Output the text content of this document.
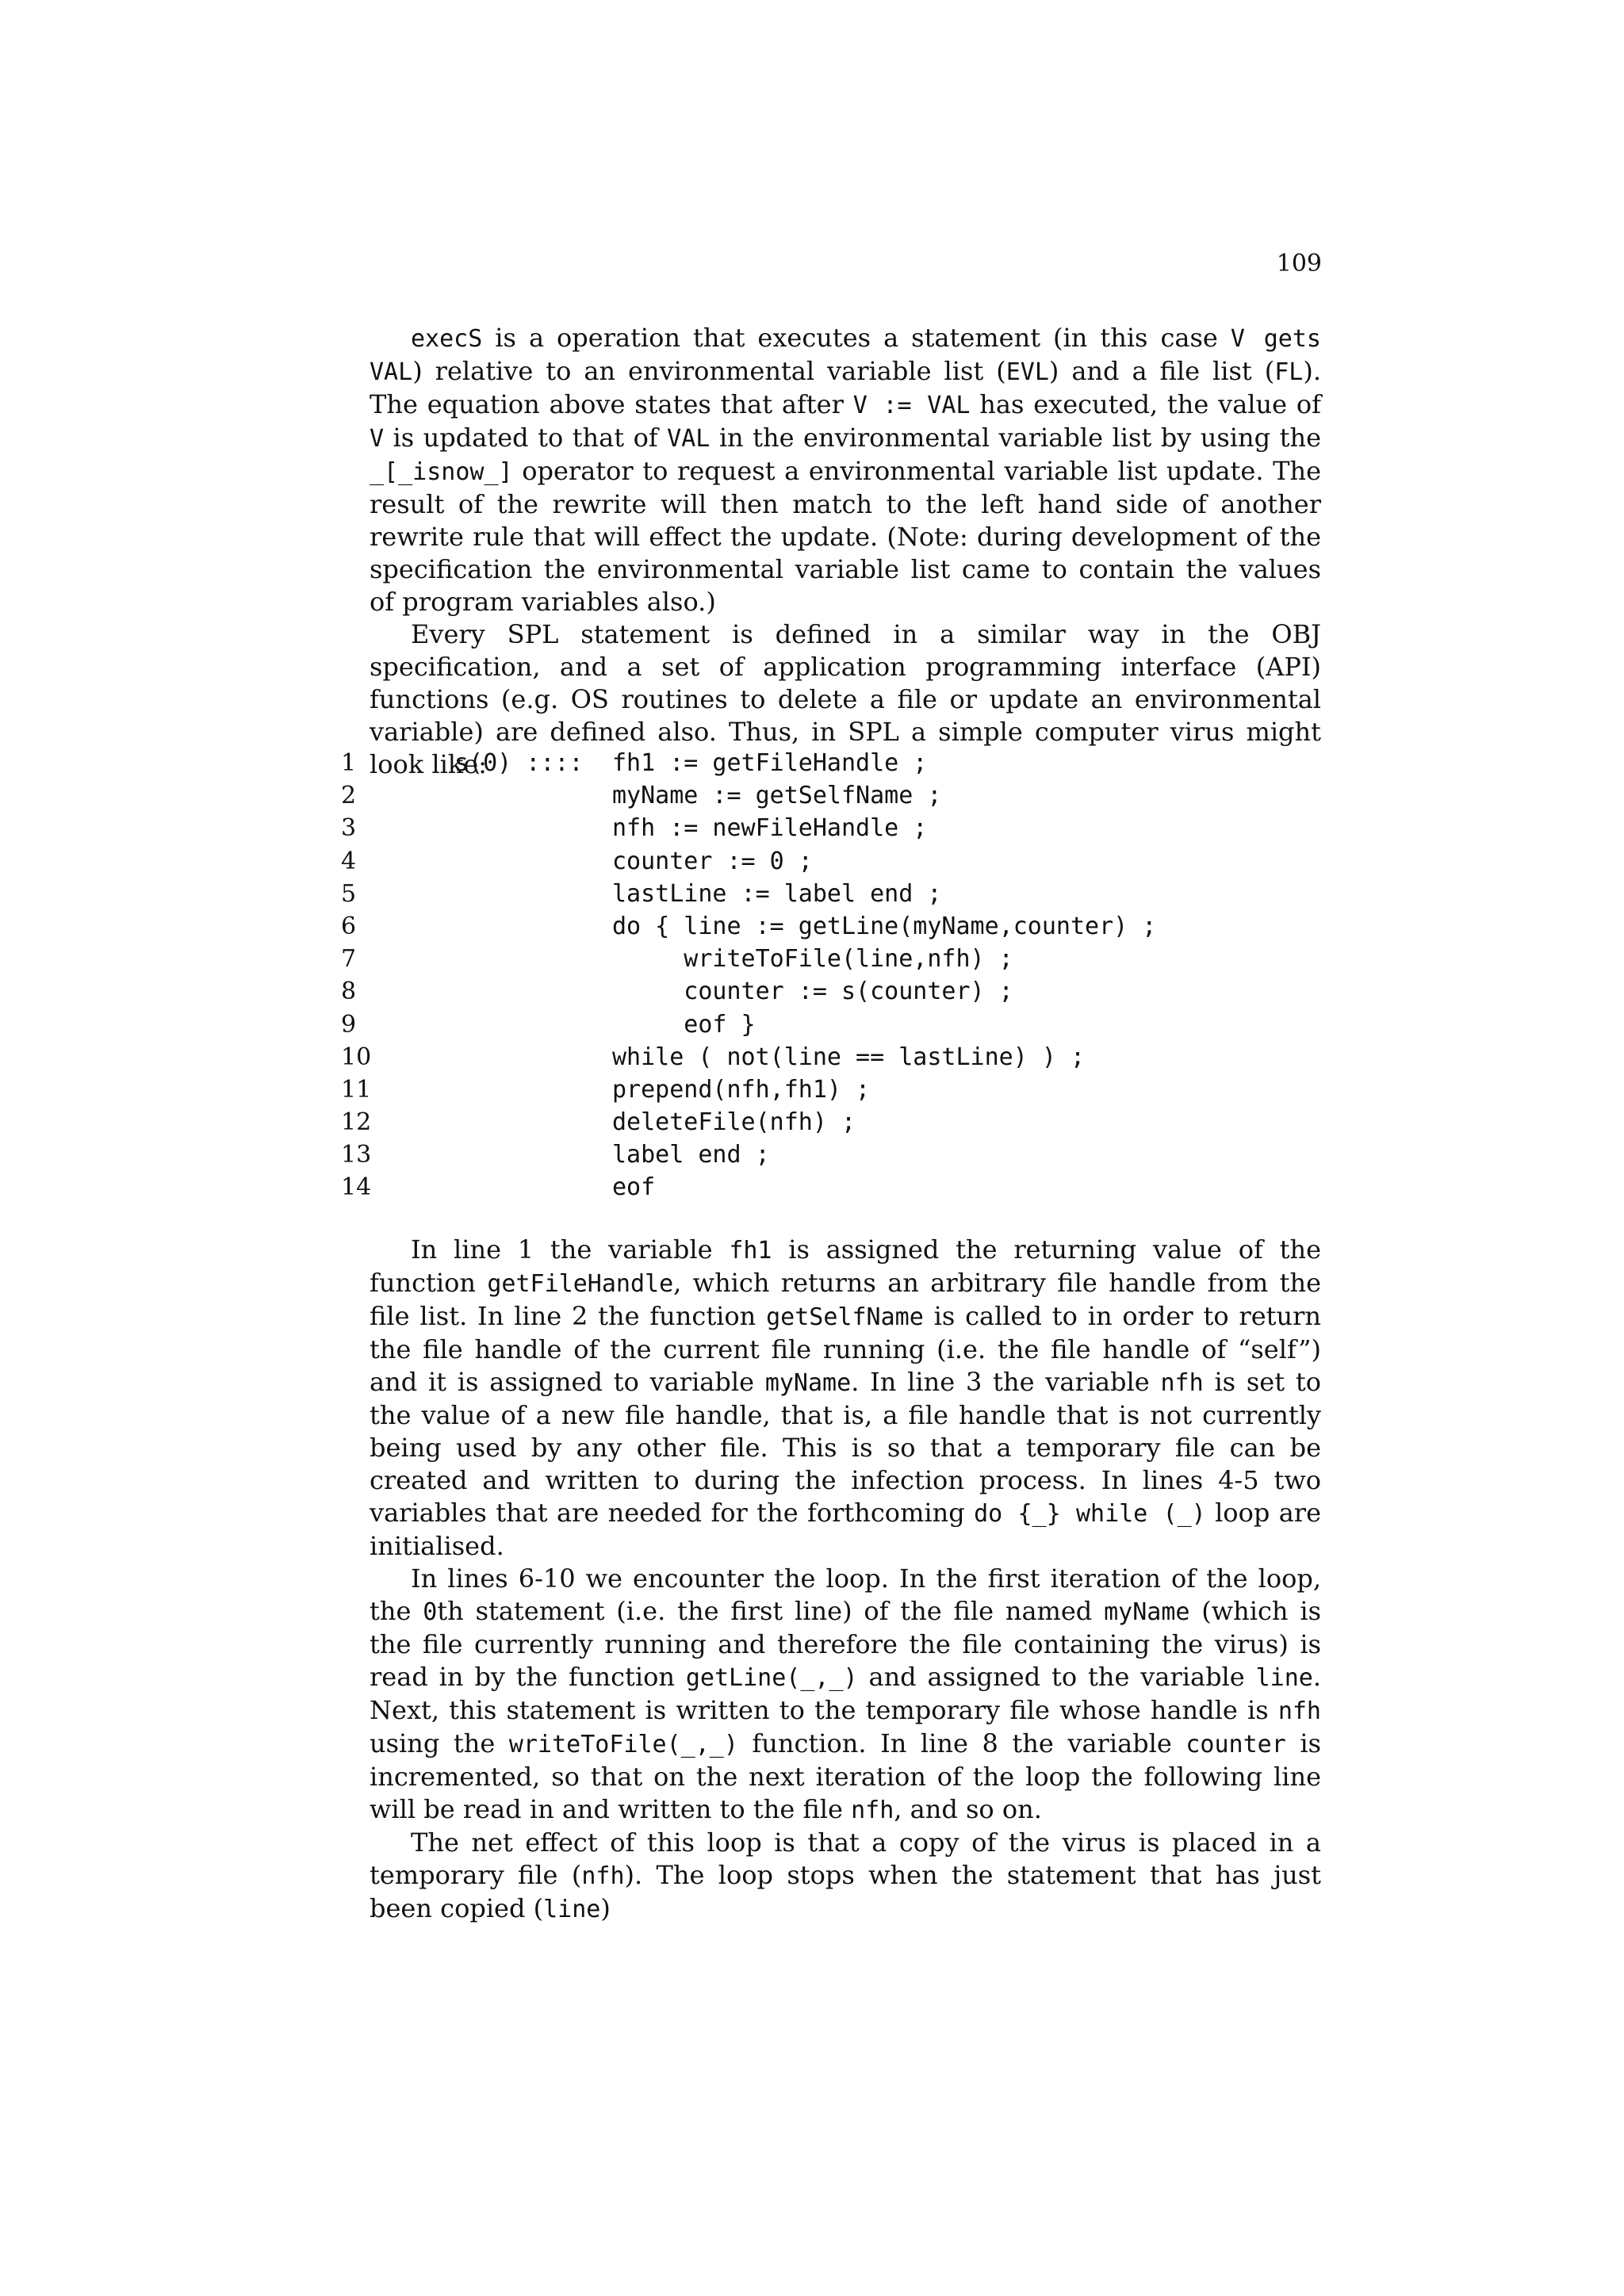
109

execS is a operation that executes a statement (in this case V gets VAL) relative to an environmental variable list (EVL) and a file list (FL). The equation above states that after V := VAL has executed, the value of V is updated to that of VAL in the environmental variable list by using the _[_isnow_] operator to request a environmental variable list update. The result of the rewrite will then match to the left hand side of another rewrite rule that will effect the update. (Note: during development of the specification the environmental variable list came to contain the values of program variables also.)

Every SPL statement is defined in a similar way in the OBJ specification, and a set of application programming interface (API) functions (e.g. OS routines to delete a file or update an environmental variable) are defined also. Thus, in SPL a simple computer virus might look like:

1	s(0) :::: fh1 := getFileHandle ;
2	myName := getSelfName ;
3	nfh := newFileHandle ;
4	counter := 0 ;
5	lastLine := label end ;
6	do { line := getLine(myName,counter) ;
7	writeToFile(line,nfh) ;
8	counter := s(counter) ;
9	eof }
10	while ( not(line == lastLine) ) ;
11	prepend(nfh,fh1) ;
12	deleteFile(nfh) ;
13	label end ;
14	eof

In line 1 the variable fh1 is assigned the returning value of the function getFileHandle, which returns an arbitrary file handle from the file list. In line 2 the function getSelfName is called to in order to return the file handle of the current file running (i.e. the file handle of “self”) and it is assigned to variable myName. In line 3 the variable nfh is set to the value of a new file handle, that is, a file handle that is not currently being used by any other file. This is so that a temporary file can be created and written to during the infection process. In lines 4-5 two variables that are needed for the forthcoming do {_} while (_) loop are initialised.

In lines 6-10 we encounter the loop. In the first iteration of the loop, the 0th statement (i.e. the first line) of the file named myName (which is the file currently running and therefore the file containing the virus) is read in by the function getLine(_,_) and assigned to the variable line. Next, this statement is written to the temporary file whose handle is nfh using the writeToFile(_,_) function. In line 8 the variable counter is incremented, so that on the next iteration of the loop the following line will be read in and written to the file nfh, and so on.

The net effect of this loop is that a copy of the virus is placed in a temporary file (nfh). The loop stops when the statement that has just been copied (line)
